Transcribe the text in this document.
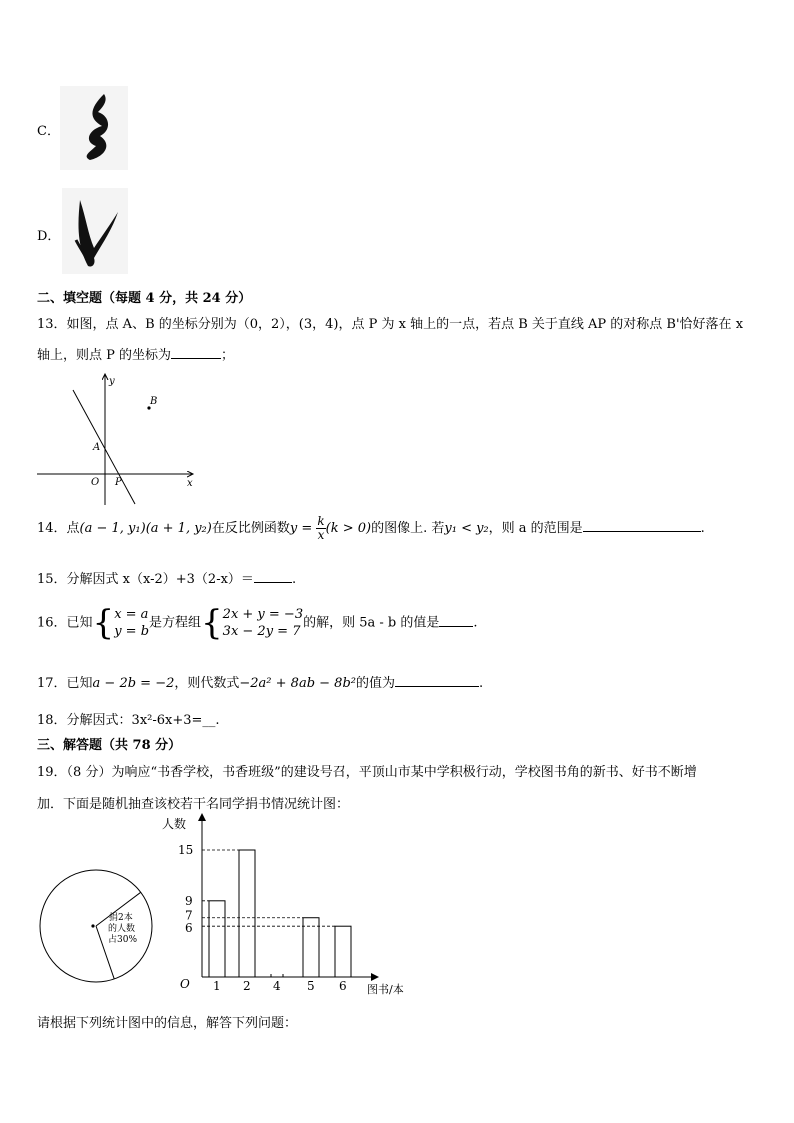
C．
D．
二、填空题（每题 4 分，共 24 分）
13．如图，点 A、B 的坐标分别为（0，2），(3，4)，点 P 为 x 轴上的一点，若点 B 关于直线 AP 的对称点 B'恰好落在 x
轴上，则点 P 的坐标为	；
y
x
B
A
O P
14．点(a − 1, y₁)(a + 1, y₂)在反比例函数$y = \frac{k}{x} (k > 0)$的图像上. 若y₁ < y₂，则 a 的范围是	.
15．分解因式 x（x-2）+3（2-x）＝	.
16．已知{x = a
y = b是方程组{2x + y = −3
3x − 2y = 7的解，则 5a - b 的值是	.
17．已知a − 2b = −2，则代数式−2a² + 8ab − 8b²的值为	.
18．分解因式：3x²-6x+3=__.
三、解答题（共 78 分）
19．（8 分）为响应“书香学校，书香班级”的建设号召，平顶山市某中学积极行动，学校图书角的新书、好书不断增
加．下面是随机抽查该校若干名同学捐书情况统计图：
捐2本
的人数
占30%
人数
O	图书/本
1 2 4 5 6
15
9
7
6
请根据下列统计图中的信息，解答下列问题：
